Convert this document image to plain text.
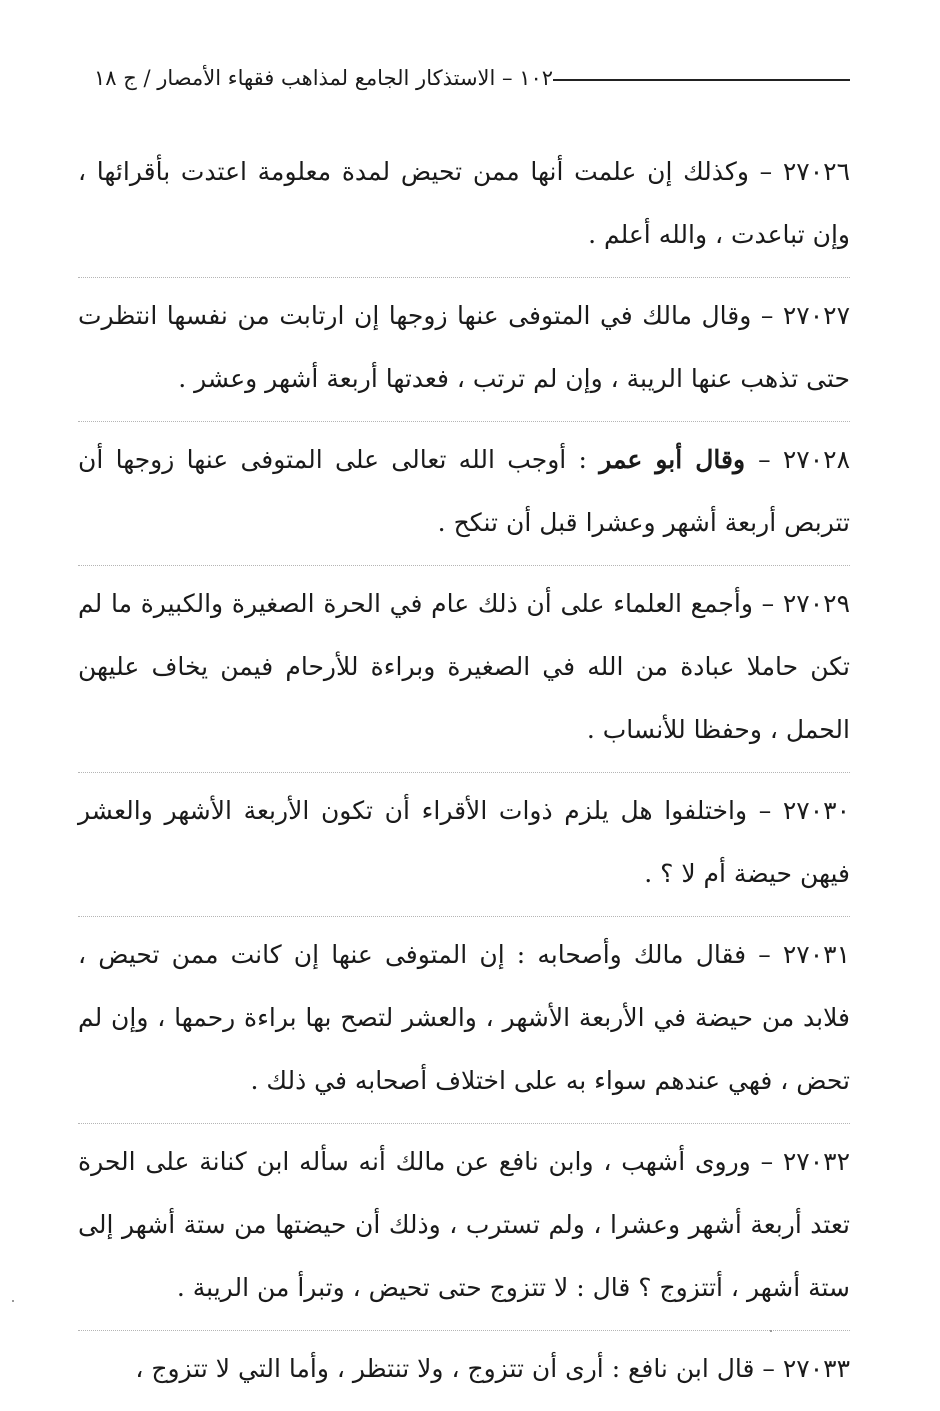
١٠٢ – الاستذكار الجامع لمذاهب فقهاء الأمصار / ج ١٨

٢٧٠٢٦ – وكذلك إن علمت أنها ممن تحيض لمدة معلومة اعتدت بأقرائها ، وإن تباعدت ، والله أعلم .

٢٧٠٢٧ – وقال مالك في المتوفى عنها زوجها إن ارتابت من نفسها انتظرت حتى تذهب عنها الريبة ، وإن لم ترتب ، فعدتها أربعة أشهر وعشر .

٢٧٠٢٨ – وقال أبو عمر : أوجب الله تعالى على المتوفى عنها زوجها أن تتربص أربعة أشهر وعشرا قبل أن تنكح .

٢٧٠٢٩ – وأجمع العلماء على أن ذلك عام في الحرة الصغيرة والكبيرة ما لم تكن حاملا عبادة من الله في الصغيرة وبراءة للأرحام فيمن يخاف عليهن الحمل ، وحفظا للأنساب .

٢٧٠٣٠ – واختلفوا هل يلزم ذوات الأقراء أن تكون الأربعة الأشهر والعشر فيهن حيضة أم لا ؟ .

٢٧٠٣١ – فقال مالك وأصحابه : إن المتوفى عنها إن كانت ممن تحيض ، فلابد من حيضة في الأربعة الأشهر ، والعشر لتصح بها براءة رحمها ، وإن لم تحض ، فهي عندهم سواء به على اختلاف أصحابه في ذلك .

٢٧٠٣٢ – وروى أشهب ، وابن نافع عن مالك أنه سأله ابن كنانة على الحرة تعتد أربعة أشهر وعشرا ، ولم تسترب ، وذلك أن حيضتها من ستة أشهر إلى ستة أشهر ، أتتزوج ؟ قال : لا تتزوج حتى تحيض ، وتبرأ من الريبة .

٢٧٠٣٣ – قال ابن نافع : أرى أن تتزوج ، ولا تنتظر ، وأما التي لا تتزوج ،
